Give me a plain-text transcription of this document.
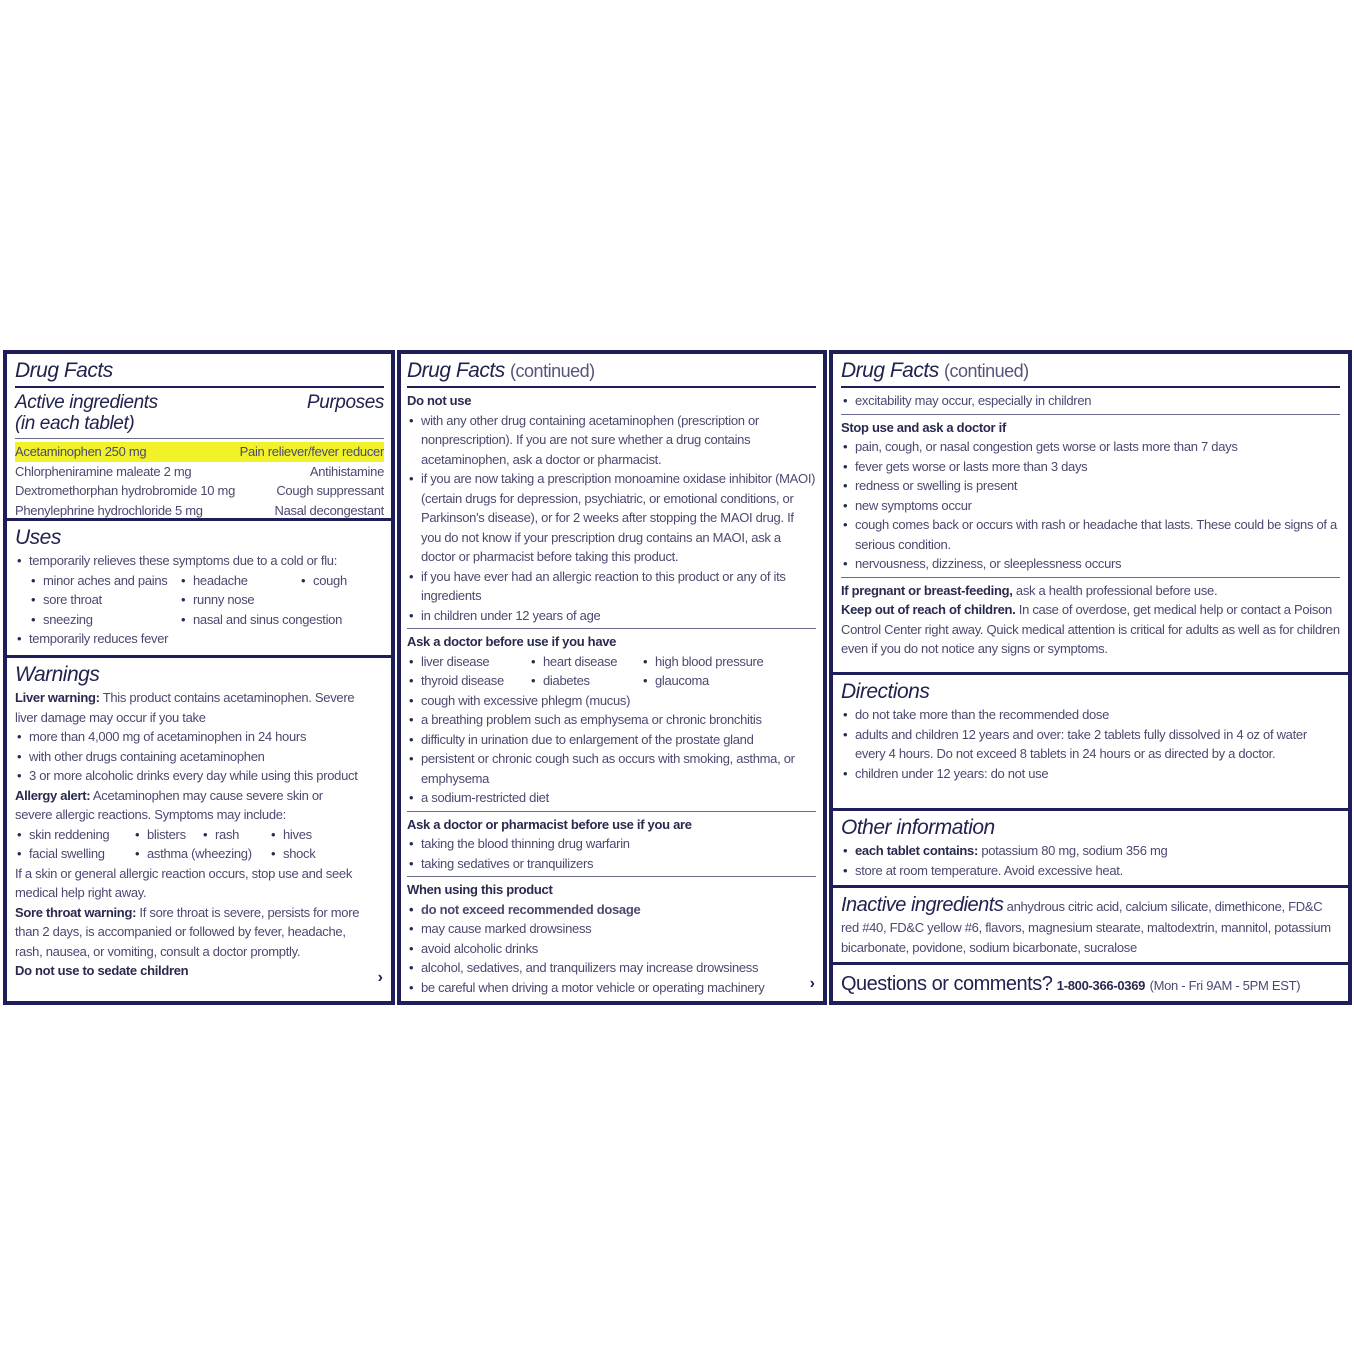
Drug Facts
Active ingredients
(in each tablet)
Purposes
Acetaminophen 250 mg	Pain reliever/fever reducer
Chlorpheniramine maleate 2 mg	Antihistamine
Dextromethorphan hydrobromide 10 mg	Cough suppressant
Phenylephrine hydrochloride 5 mg	Nasal decongestant
Uses
• temporarily relieves these symptoms due to a cold or flu:
• minor aches and pains	• headache	• cough
• sore throat	• runny nose
• sneezing	• nasal and sinus congestion
• temporarily reduces fever
Warnings
Liver warning: This product contains acetaminophen. Severe
liver damage may occur if you take
• more than 4,000 mg of acetaminophen in 24 hours
• with other drugs containing acetaminophen
• 3 or more alcoholic drinks every day while using this product
Allergy alert: Acetaminophen may cause severe skin or
severe allergic reactions. Symptoms may include:
• skin reddening	• blisters	• rash	• hives
• facial swelling	• asthma (wheezing)	• shock
If a skin or general allergic reaction occurs, stop use and seek
medical help right away.
Sore throat warning: If sore throat is severe, persists for more
than 2 days, is accompanied or followed by fever, headache,
rash, nausea, or vomiting, consult a doctor promptly.
Do not use to sedate children	›
Drug Facts (continued)
Do not use
• with any other drug containing acetaminophen (prescription or nonprescription). If you are not sure whether a drug contains acetaminophen, ask a doctor or pharmacist.
• if you are now taking a prescription monoamine oxidase inhibitor (MAOI) (certain drugs for depression, psychiatric, or emotional conditions, or Parkinson's disease), or for 2 weeks after stopping the MAOI drug. If you do not know if your prescription drug contains an MAOI, ask a doctor or pharmacist before taking this product.
• if you have ever had an allergic reaction to this product or any of its ingredients
• in children under 12 years of age
Ask a doctor before use if you have
• liver disease	• heart disease	• high blood pressure
• thyroid disease	• diabetes	• glaucoma
• cough with excessive phlegm (mucus)
• a breathing problem such as emphysema or chronic bronchitis
• difficulty in urination due to enlargement of the prostate gland
• persistent or chronic cough such as occurs with smoking, asthma, or emphysema
• a sodium-restricted diet
Ask a doctor or pharmacist before use if you are
• taking the blood thinning drug warfarin
• taking sedatives or tranquilizers
When using this product
• do not exceed recommended dosage
• may cause marked drowsiness
• avoid alcoholic drinks
• alcohol, sedatives, and tranquilizers may increase drowsiness
• be careful when driving a motor vehicle or operating machinery	›
Drug Facts (continued)
• excitability may occur, especially in children
Stop use and ask a doctor if
• pain, cough, or nasal congestion gets worse or lasts more than 7 days
• fever gets worse or lasts more than 3 days
• redness or swelling is present
• new symptoms occur
• cough comes back or occurs with rash or headache that lasts. These could be signs of a serious condition.
• nervousness, dizziness, or sleeplessness occurs
If pregnant or breast-feeding, ask a health professional before use.
Keep out of reach of children. In case of overdose, get medical help or contact a Poison Control Center right away. Quick medical attention is critical for adults as well as for children even if you do not notice any signs or symptoms.
Directions
• do not take more than the recommended dose
• adults and children 12 years and over: take 2 tablets fully dissolved in 4 oz of water every 4 hours. Do not exceed 8 tablets in 24 hours or as directed by a doctor.
• children under 12 years: do not use
Other information
• each tablet contains: potassium 80 mg, sodium 356 mg
• store at room temperature. Avoid excessive heat.
Inactive ingredients anhydrous citric acid, calcium silicate, dimethicone, FD&C red #40, FD&C yellow #6, flavors, magnesium stearate, maltodextrin, mannitol, potassium bicarbonate, povidone, sodium bicarbonate, sucralose
Questions or comments? 1-800-366-0369 (Mon - Fri 9AM - 5PM EST)
